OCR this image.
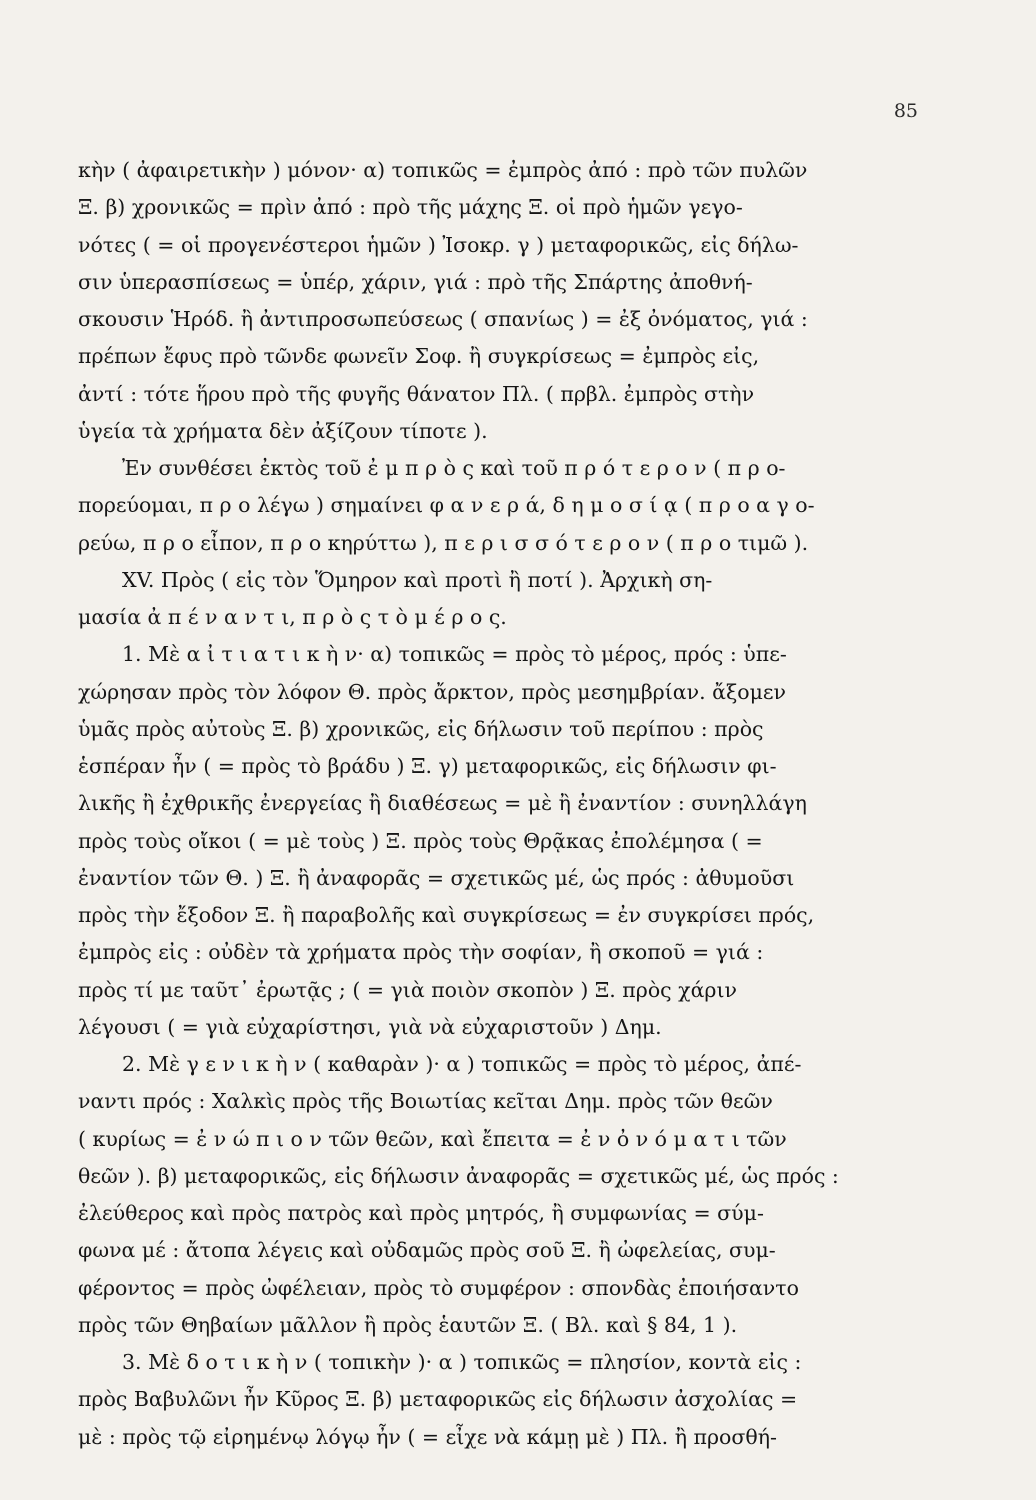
85
κὴν ( ἀφαιρετικὴν ) μόνον· α) τοπικῶς = ἐμπρὸς ἀπό : πρὸ τῶν πυλῶν
Ξ. β) χρονικῶς = πρὶν ἀπό : πρὸ τῆς μάχης Ξ. οἱ πρὸ ἡμῶν γεγο-
νότες ( = οἱ προγενέστεροι ἡμῶν ) Ἰσοκρ. γ ) μεταφορικῶς, εἰς δήλω-
σιν ὑπερασπίσεως = ὑπέρ, χάριν, γιά : πρὸ τῆς Σπάρτης ἀποθνή-
σκουσιν Ἡρόδ. ἢ ἀντιπροσωπεύσεως ( σπανίως ) = ἐξ ὀνόματος, γιά :
πρέπων ἔφυς πρὸ τῶνδε φωνεῖν Σοφ. ἢ συγκρίσεως = ἐμπρὸς εἰς,
ἀντί : τότε ἥρου πρὸ τῆς φυγῆς θάνατον Πλ. ( πρβλ. ἐμπρὸς στὴν
ὑγεία τὰ χρήματα δὲν ἀξίζουν τίποτε ).
Ἐν συνθέσει ἐκτὸς τοῦ ἐ μ π ρ ὸ ς καὶ τοῦ π ρ ό τ ε ρ ο ν ( π ρ ο-
πορεύομαι, π ρ ο λέγω ) σημαίνει φ α ν ε ρ ά, δ η μ ο σ ί ᾳ ( π ρ ο α γ ο-
ρεύω, π ρ ο εἶπον, π ρ ο κηρύττω ), π ε ρ ι σ σ ό τ ε ρ ο ν ( π ρ ο τιμῶ ).
XV. Πρὸς ( εἰς τὸν Ὅμηρον καὶ προτὶ ἢ ποτί ). Ἀρχικὴ ση-
μασία ἀ π έ ν α ν τ ι, π ρ ὸ ς τ ὸ μ έ ρ ο ς.
1. Μὲ α ἰ τ ι α τ ι κ ὴ ν· α) τοπικῶς = πρὸς τὸ μέρος, πρός : ὑπε-
χώρησαν πρὸς τὸν λόφον Θ. πρὸς ἄρκτον, πρὸς μεσημβρίαν. ἄξομεν
ὑμᾶς πρὸς αὐτοὺς Ξ. β) χρονικῶς, εἰς δήλωσιν τοῦ περίπου : πρὸς
ἑσπέραν ἦν ( = πρὸς τὸ βράδυ ) Ξ. γ) μεταφορικῶς, εἰς δήλωσιν φι-
λικῆς ἢ ἐχθρικῆς ἐνεργείας ἢ διαθέσεως = μὲ ἢ ἐναντίον : συνηλλάγη
πρὸς τοὺς οἴκοι ( = μὲ τοὺς ) Ξ. πρὸς τοὺς Θρᾷκας ἐπολέμησα ( =
ἐναντίον τῶν Θ. ) Ξ. ἢ ἀναφορᾶς = σχετικῶς μέ, ὡς πρός : ἀθυμοῦσι
πρὸς τὴν ἔξοδον Ξ. ἢ παραβολῆς καὶ συγκρίσεως = ἐν συγκρίσει πρός,
ἐμπρὸς εἰς : οὐδὲν τὰ χρήματα πρὸς τὴν σοφίαν, ἢ σκοποῦ = γιά :
πρὸς τί με ταῦτ᾽ ἐρωτᾷς ; ( = γιὰ ποιὸν σκοπὸν ) Ξ. πρὸς χάριν
λέγουσι ( = γιὰ εὐχαρίστησι, γιὰ νὰ εὐχαριστοῦν ) Δημ.
2. Μὲ γ ε ν ι κ ὴ ν ( καθαρὰν )· α ) τοπικῶς = πρὸς τὸ μέρος, ἀπέ-
ναντι πρός : Χαλκὶς πρὸς τῆς Βοιωτίας κεῖται Δημ. πρὸς τῶν θεῶν
( κυρίως = ἐ ν ώ π ι ο ν τῶν θεῶν, καὶ ἔπειτα = ἐ ν ὀ ν ό μ α τ ι τῶν
θεῶν ). β) μεταφορικῶς, εἰς δήλωσιν ἀναφορᾶς = σχετικῶς μέ, ὡς πρός :
ἐλεύθερος καὶ πρὸς πατρὸς καὶ πρὸς μητρός, ἢ συμφωνίας = σύμ-
φωνα μέ : ἄτοπα λέγεις καὶ οὐδαμῶς πρὸς σοῦ Ξ. ἢ ὠφελείας, συμ-
φέροντος = πρὸς ὠφέλειαν, πρὸς τὸ συμφέρον : σπονδὰς ἐποιήσαντο
πρὸς τῶν Θηβαίων μᾶλλον ἢ πρὸς ἑαυτῶν Ξ. ( Βλ. καὶ § 84, 1 ).
3. Μὲ δ ο τ ι κ ὴ ν ( τοπικὴν )· α ) τοπικῶς = πλησίον, κοντὰ εἰς :
πρὸς Βαβυλῶνι ἦν Κῦρος Ξ. β) μεταφορικῶς εἰς δήλωσιν ἀσχολίας =
μὲ : πρὸς τῷ εἰρημένῳ λόγῳ ἦν ( = εἶχε νὰ κάμῃ μὲ ) Πλ. ἢ προσθή-
